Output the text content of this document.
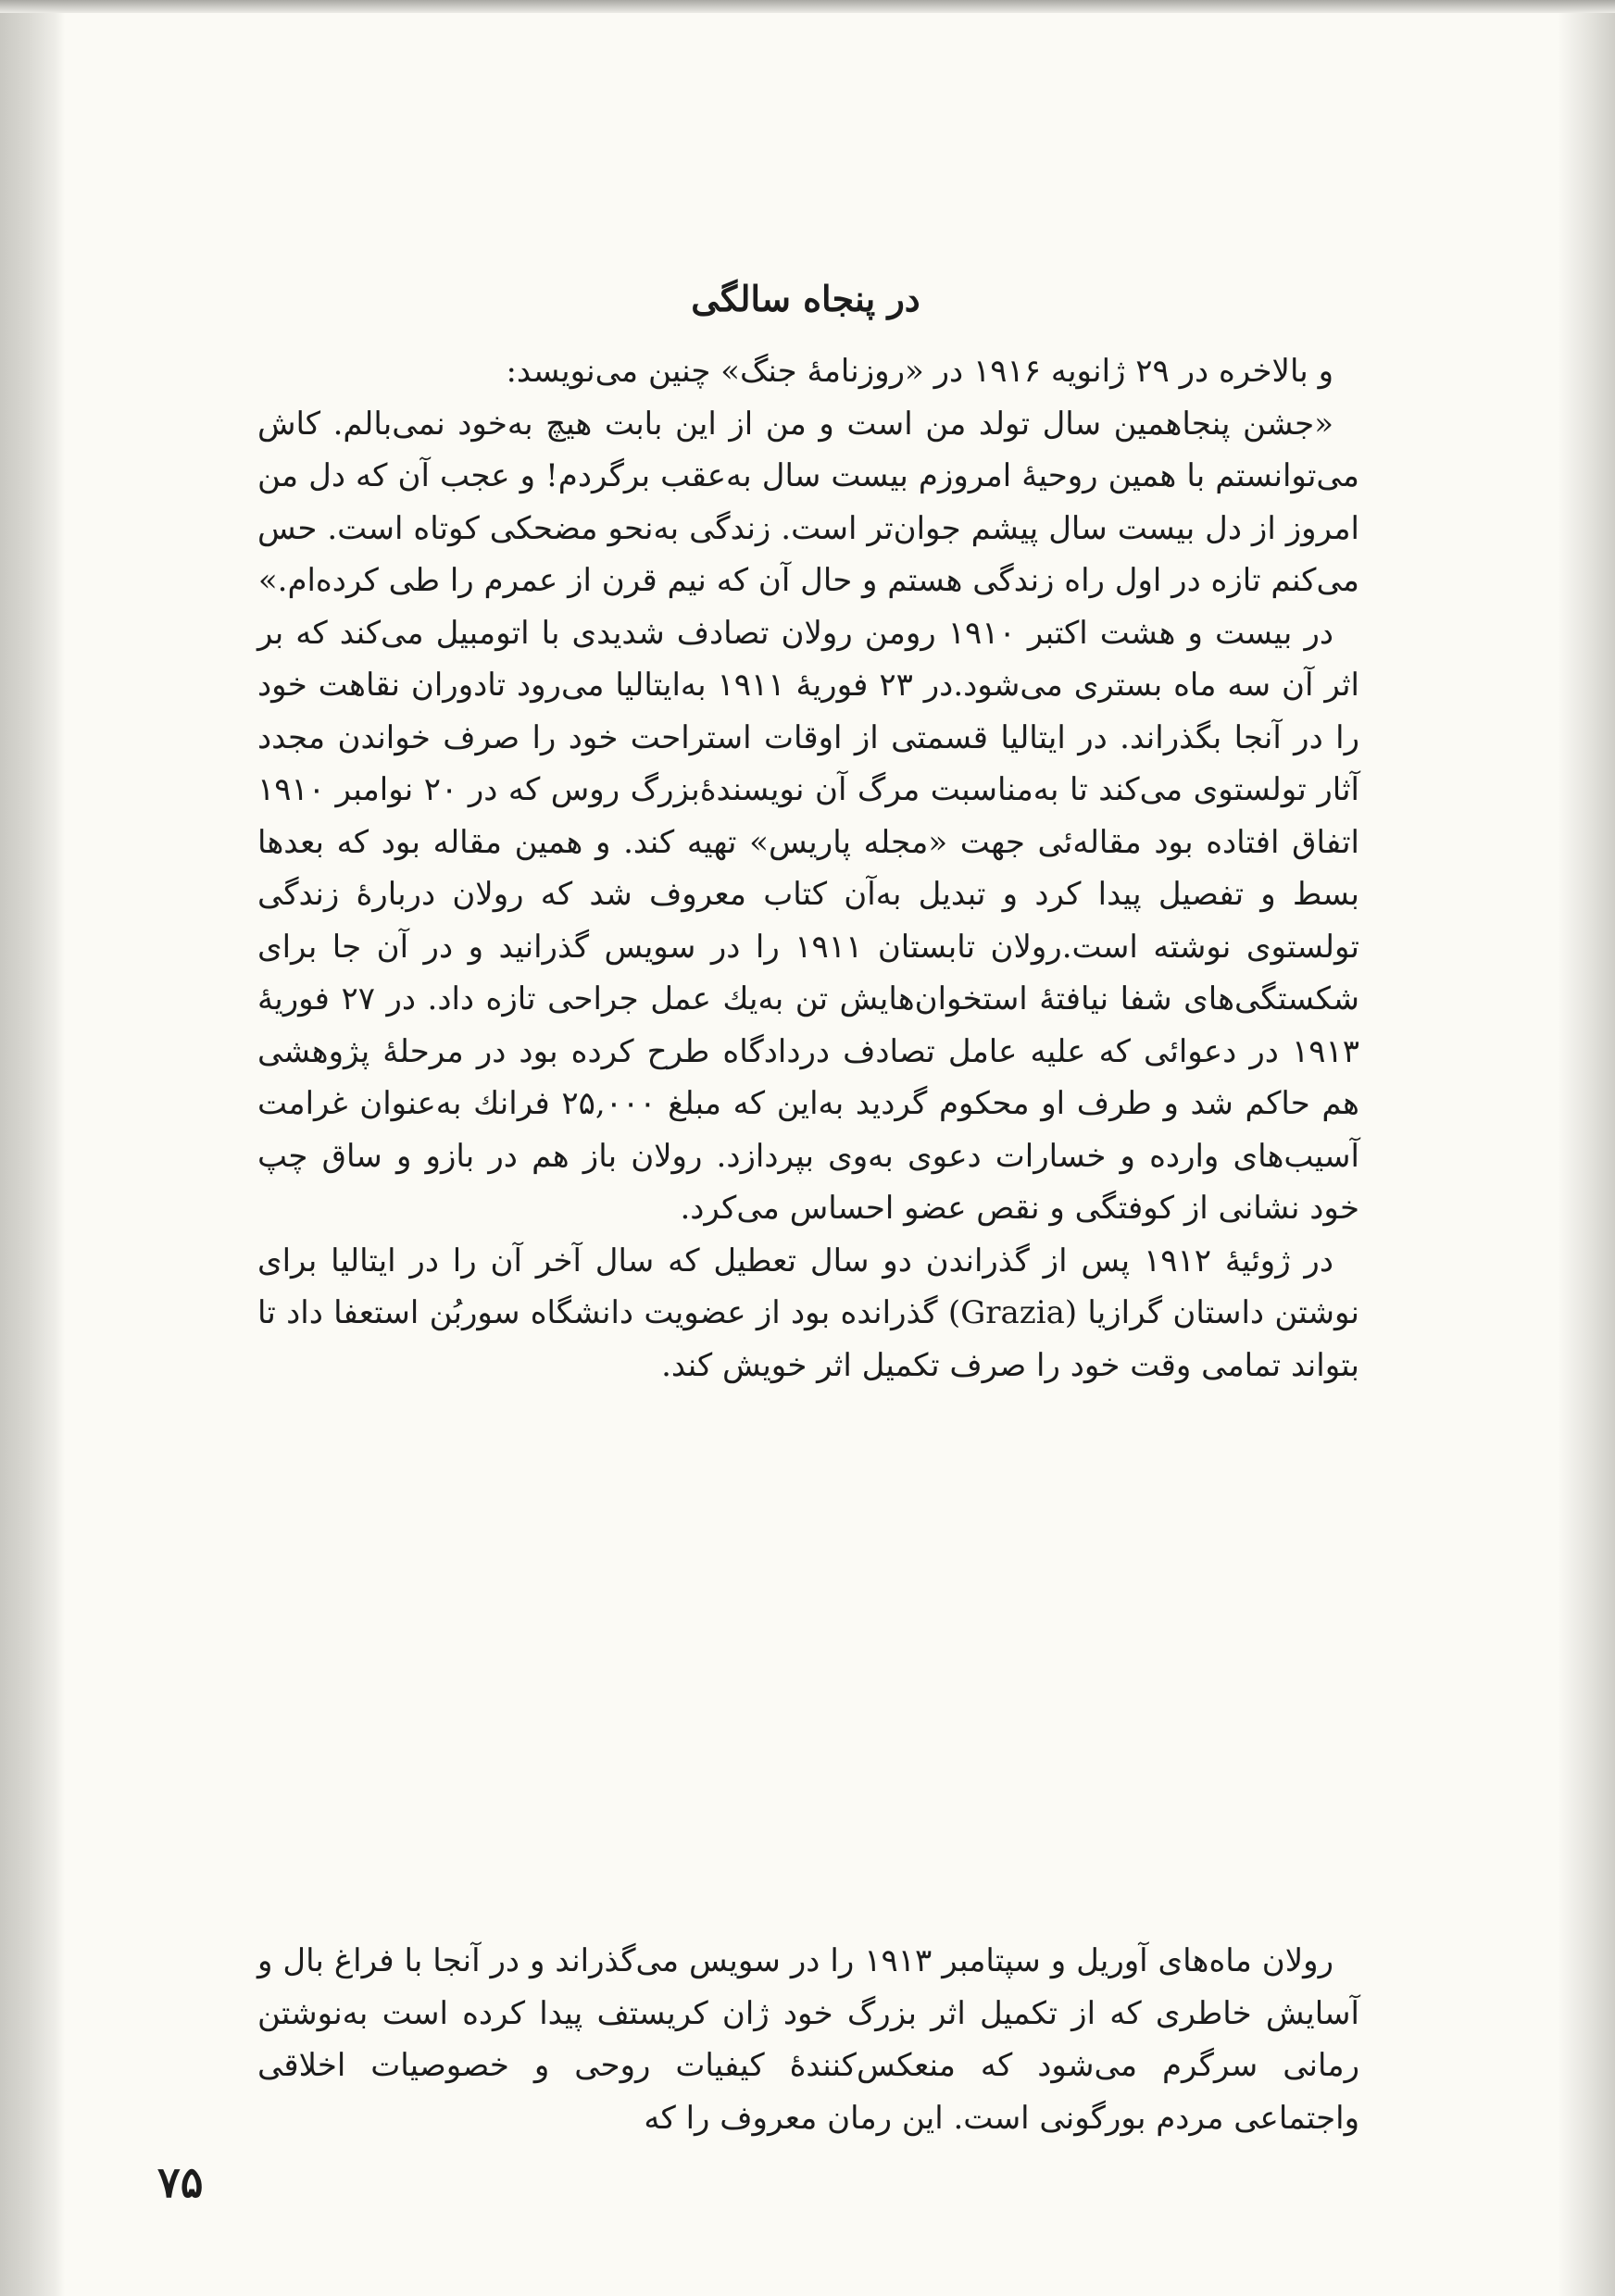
در پنجاه سالگی

و بالاخره در ۲۹ ژانویه ۱۹۱۶ در «روزنامهٔ جنگ» چنین می‌نویسد:

«جشن پنجاهمین سال تولد من است و من از این بابت هیچ به‌خود نمی‌بالم. کاش می‌توانستم با همین روحیهٔ امروزم بیست سال به‌عقب برگردم! و عجب آن که دل من امروز از دل بیست سال پیشم جوان‌تر است. زندگی به‌نحو مضحکی کوتاه است. حس می‌کنم تازه در اول راه زندگی هستم و حال آن که نیم قرن از عمرم را طی کرده‌ام.»

در بیست و هشت اکتبر ۱۹۱۰ رومن رولان تصادف شدیدی با اتومبیل می‌کند که بر اثر آن سه ماه بستری می‌شود.در ۲۳ فوریهٔ ۱۹۱۱ به‌ایتالیا می‌رود تادوران نقاهت خود را در آنجا بگذراند. در ایتالیا قسمتی از اوقات استراحت خود را صرف خواندن مجدد آثار تولستوی می‌کند تا به‌مناسبت مرگ آن نویسندهٔ‌بزرگ روس که در ۲۰ نوامبر ۱۹۱۰ اتفاق افتاده بود مقاله‌ئی جهت «مجله پاریس» تهیه کند. و همین مقاله بود که بعدها بسط و تفصیل پیدا کرد و تبدیل به‌آن کتاب معروف شد که رولان دربارهٔ زندگی تولستوی نوشته است.رولان تابستان ۱۹۱۱ را در سویس گذرانید و در آن جا برای شکستگی‌های شفا نیافتهٔ استخوان‌هایش تن به‌یك عمل جراحی تازه داد. در ۲۷ فوریهٔ ۱۹۱۳ در دعوائی که علیه عامل تصادف دردادگاه طرح کرده بود در مرحلهٔ پژوهشی هم حاکم شد و طرف او محکوم گردید به‌این که مبلغ ۲۵,۰۰۰ فرانك به‌عنوان غرامت آسیب‌های وارده و خسارات دعوی به‌وی بپردازد. رولان باز هم در بازو و ساق چپ خود نشانی از کوفتگی و نقص عضو احساس می‌کرد.

در ژوئیهٔ ۱۹۱۲ پس از گذراندن دو سال تعطیل که سال آخر آن را در ایتالیا برای نوشتن داستان گرازیا (Grazia) گذرانده بود از عضویت دانشگاه سوربُن استعفا داد تا بتواند تمامی وقت خود را صرف تکمیل اثر خویش کند.

رولان ماه‌های آوریل و سپتامبر ۱۹۱۳ را در سویس می‌گذراند و در آنجا با فراغ بال و آسایش خاطری که از تکمیل اثر بزرگ خود ژان کریستف پیدا کرده است به‌نوشتن رمانی سرگرم می‌شود که منعکس‌کنندهٔ کیفیات روحی و خصوصیات اخلاقی واجتماعی مردم بورگونی است. این رمان معروف را که

۷۵
